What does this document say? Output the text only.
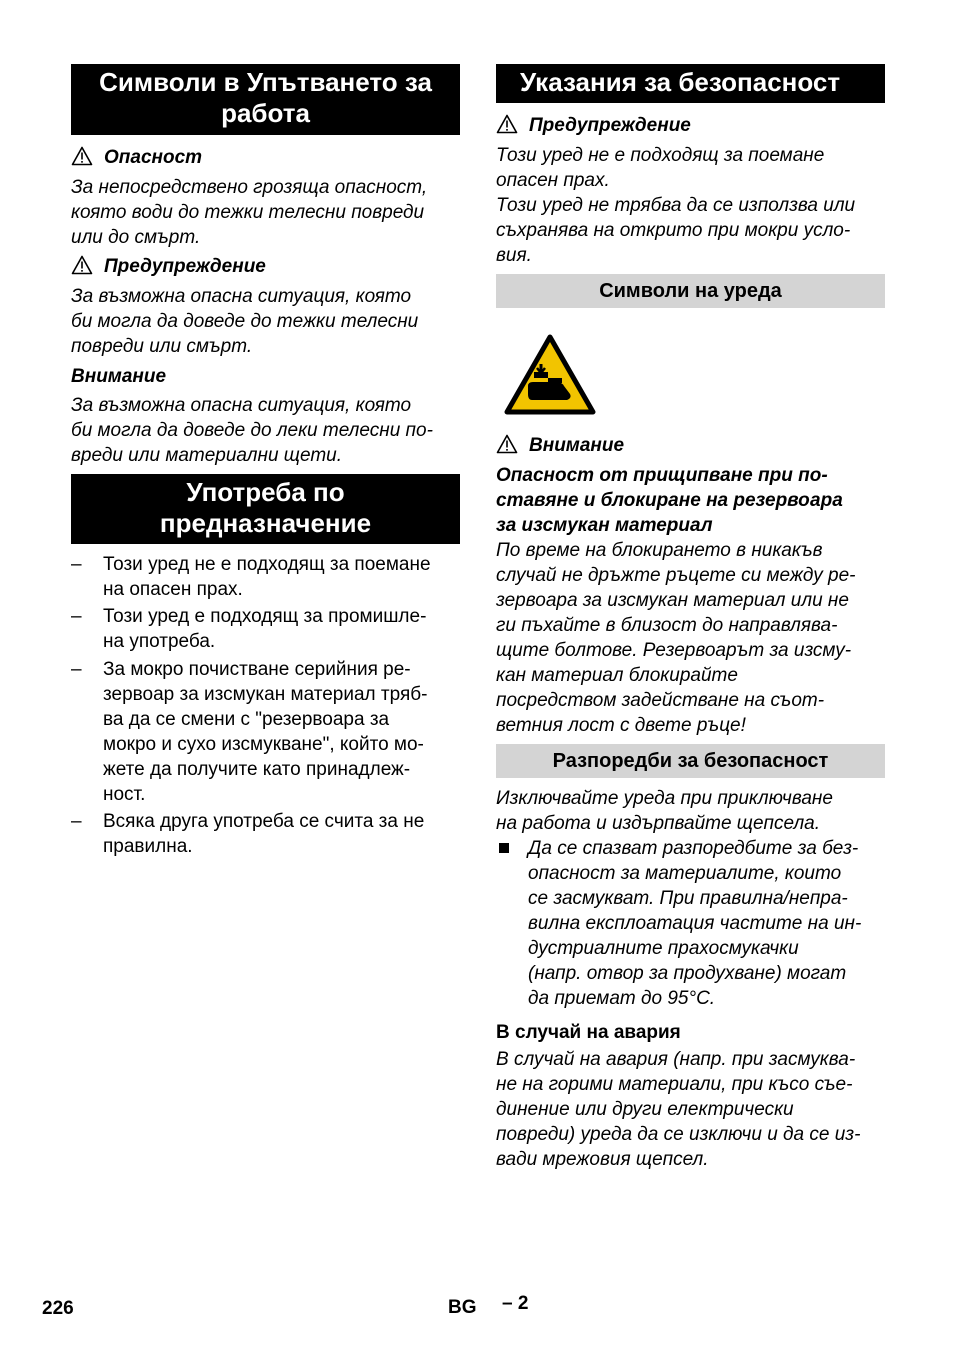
Символи в Упътването за
работа
Опасност
За непосредствено грозяща опасност,
която води до тежки телесни повреди
или до смърт.
Предупреждение
За възможна опасна ситуация, която
би могла да доведе до тежки телесни
повреди или смърт.
Внимание
За възможна опасна ситуация, която
би могла да доведе до леки телесни по-
вреди или материални щети.
Употреба по
предназначение
– Този уред не е подходящ за поемане
на опасен прах.
– Този уред е подходящ за промишле-
на употреба.
– За мокро почистване серийния ре-
зервоар за изсмукан материал тряб-
ва да се смени с "резервоара за
мокро и сухо изсмукване", който мо-
жете да получите като принадлеж-
ност.
– Всяка друга употреба се счита за не
правилна.
Указания за безопасност
Предупреждение
Този уред не е подходящ за поемане
опасен прах.
Този уред не трябва да се използва или
съхранява на открито при мокри усло-
вия.
Символи на уреда
Внимание
Опасност от прищипване при по-
ставяне и блокиране на резервоара
за изсмукан материал
По време на блокирането в никакъв
случай не дръжте ръцете си между ре-
зервоара за изсмукан материал или не
ги пъхайте в близост до направлява-
щите болтове. Резервоарът за изсму-
кан материал блокирайте
посредством задействане на съот-
ветния лост с двете ръце!
Разпоредби за безопасност
Изключвайте уреда при приключване
на работа и издърпвайте щепсела.
Да се спазват разпоредбите за без-
опасност за материалите, които
се засмукват. При правилна/непра-
вилна експлоатация частите на ин-
дустриалните прахосмукачки
(напр. отвор за продухване) могат
да приемат до 95°C.
В случай на авария
В случай на авария (напр. при засмуква-
не на горими материали, при късо съе-
динение или други електрически
повреди) уреда да се изключи и да се из-
вади мрежовия щепсел.
226	BG – 2
